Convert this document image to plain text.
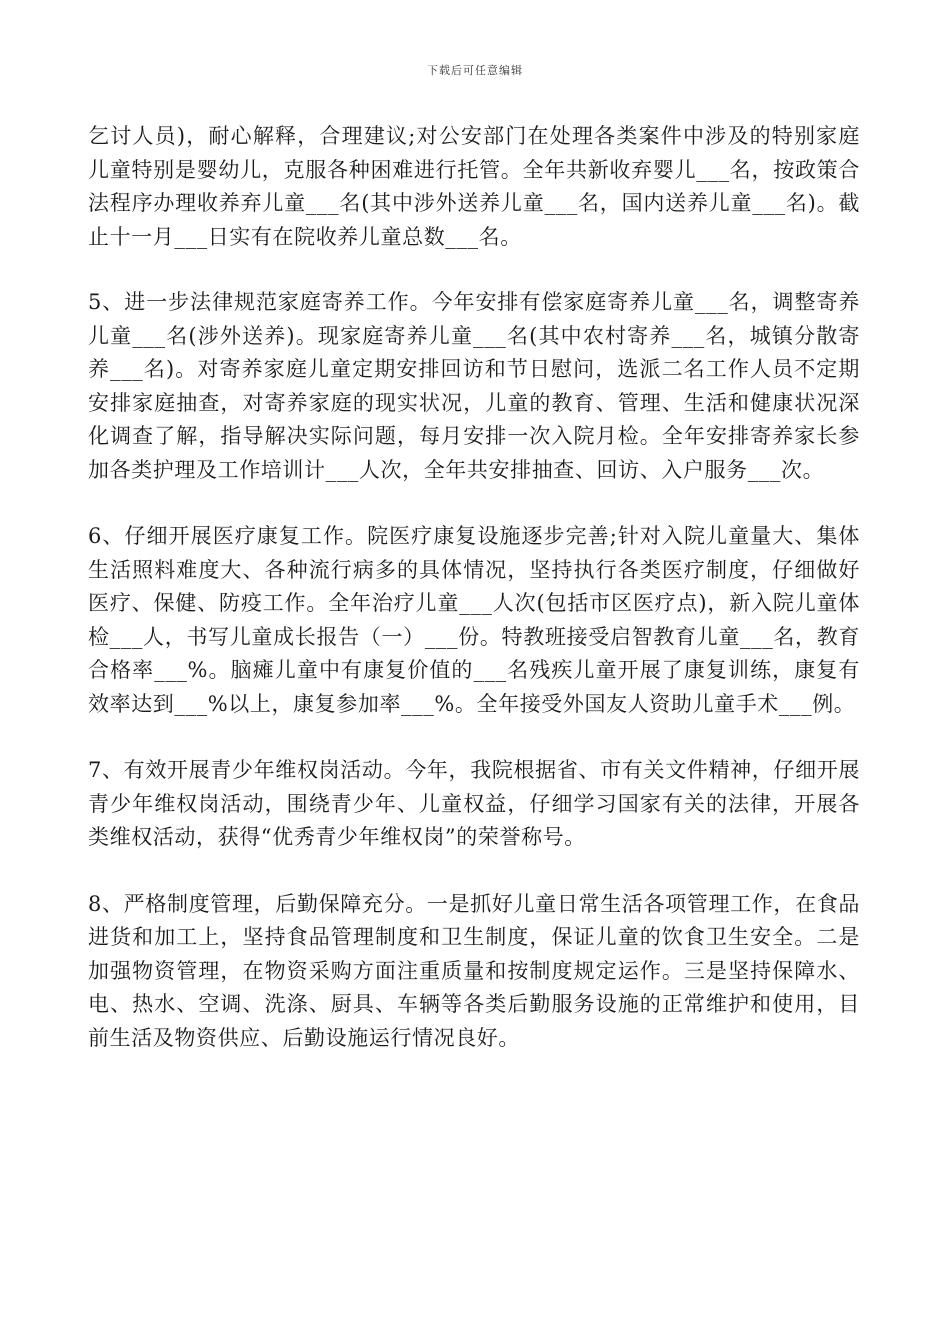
下载后可任意编辑

乞讨人员)，耐心解释，合理建议;对公安部门在处理各类案件中涉及的特别家庭儿童特别是婴幼儿，克服各种困难进行托管。全年共新收弃婴儿___名，按政策合法程序办理收养弃儿童___名(其中涉外送养儿童___名，国内送养儿童___名)。截止十一月___日实有在院收养儿童总数___名。

5、进一步法律规范家庭寄养工作。今年安排有偿家庭寄养儿童___名，调整寄养儿童___名(涉外送养)。现家庭寄养儿童___名(其中农村寄养___名，城镇分散寄养___名)。对寄养家庭儿童定期安排回访和节日慰问，选派二名工作人员不定期安排家庭抽查，对寄养家庭的现实状况，儿童的教育、管理、生活和健康状况深化调查了解，指导解决实际问题，每月安排一次入院月检。全年安排寄养家长参加各类护理及工作培训计___人次，全年共安排抽查、回访、入户服务___次。

6、仔细开展医疗康复工作。院医疗康复设施逐步完善;针对入院儿童量大、集体生活照料难度大、各种流行病多的具体情况，坚持执行各类医疗制度，仔细做好医疗、保健、防疫工作。全年治疗儿童___人次(包括市区医疗点)，新入院儿童体检___人，书写儿童成长报告（一）___份。特教班接受启智教育儿童___名，教育合格率___%。脑瘫儿童中有康复价值的___名残疾儿童开展了康复训练，康复有效率达到___%以上，康复参加率___%。全年接受外国友人资助儿童手术___例。

7、有效开展青少年维权岗活动。今年，我院根据省、市有关文件精神，仔细开展青少年维权岗活动，围绕青少年、儿童权益，仔细学习国家有关的法律，开展各类维权活动，获得“优秀青少年维权岗”的荣誉称号。

8、严格制度管理，后勤保障充分。一是抓好儿童日常生活各项管理工作，在食品进货和加工上，坚持食品管理制度和卫生制度，保证儿童的饮食卫生安全。二是加强物资管理，在物资采购方面注重质量和按制度规定运作。三是坚持保障水、电、热水、空调、洗涤、厨具、车辆等各类后勤服务设施的正常维护和使用，目前生活及物资供应、后勤设施运行情况良好。
